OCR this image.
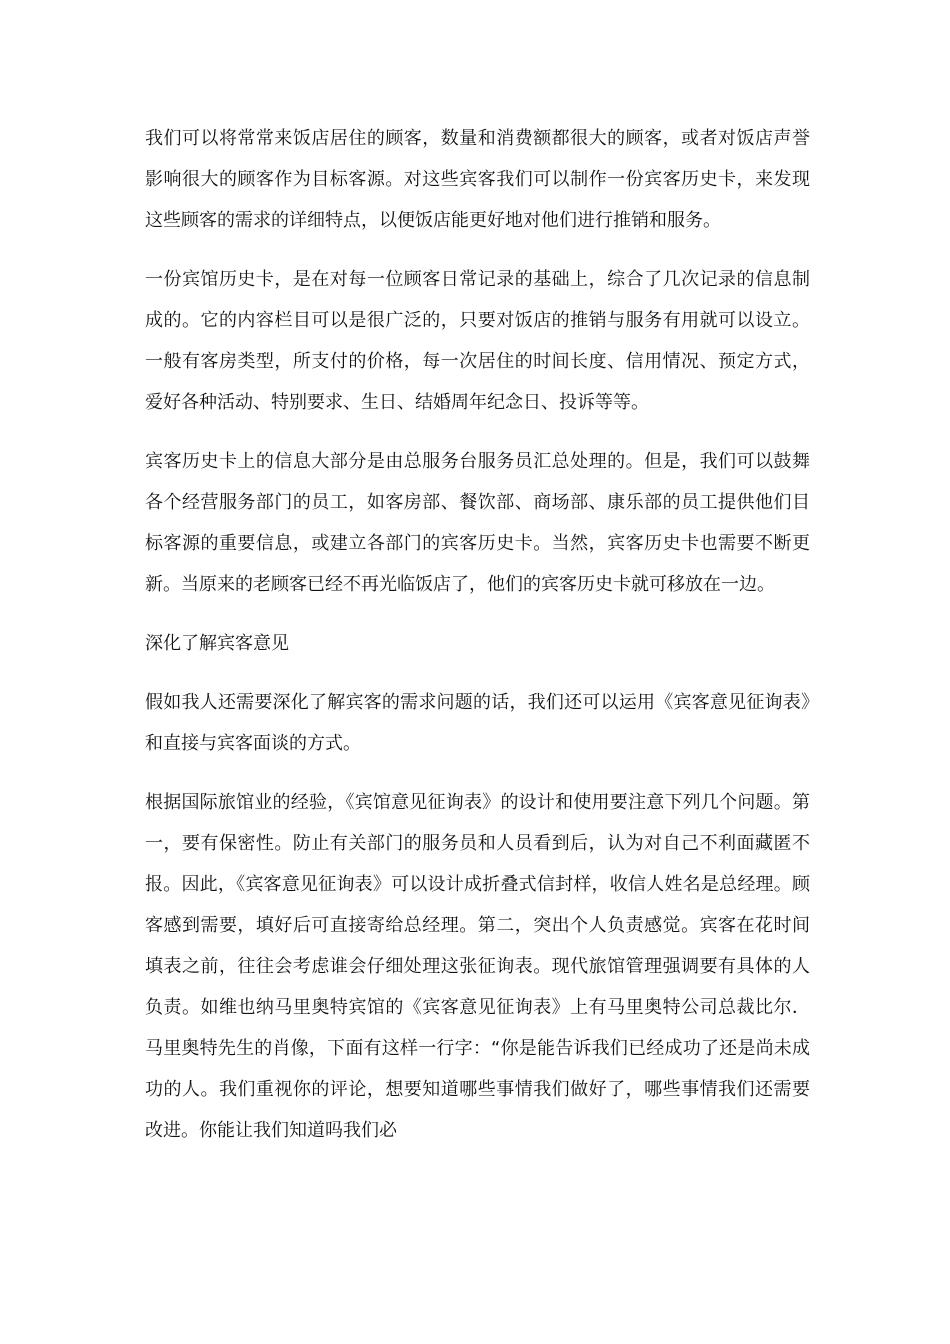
我们可以将常常来饭店居住的顾客，数量和消费额都很大的顾客，或者对饭店声誉影响很大的顾客作为目标客源。对这些宾客我们可以制作一份宾客历史卡，来发现这些顾客的需求的详细特点，以便饭店能更好地对他们进行推销和服务。

一份宾馆历史卡，是在对每一位顾客日常记录的基础上，综合了几次记录的信息制成的。它的内容栏目可以是很广泛的，只要对饭店的推销与服务有用就可以设立。一般有客房类型，所支付的价格，每一次居住的时间长度、信用情况、预定方式，爱好各种活动、特别要求、生日、结婚周年纪念日、投诉等等。

宾客历史卡上的信息大部分是由总服务台服务员汇总处理的。但是，我们可以鼓舞各个经营服务部门的员工，如客房部、餐饮部、商场部、康乐部的员工提供他们目标客源的重要信息，或建立各部门的宾客历史卡。当然，宾客历史卡也需要不断更新。当原来的老顾客已经不再光临饭店了，他们的宾客历史卡就可移放在一边。

深化了解宾客意见

假如我人还需要深化了解宾客的需求问题的话，我们还可以运用《宾客意见征询表》和直接与宾客面谈的方式。

根据国际旅馆业的经验，《宾馆意见征询表》的设计和使用要注意下列几个问题。第一，要有保密性。防止有关部门的服务员和人员看到后，认为对自己不利面藏匿不报。因此，《宾客意见征询表》可以设计成折叠式信封样，收信人姓名是总经理。顾客感到需要，填好后可直接寄给总经理。第二，突出个人负责感觉。宾客在花时间填表之前，往往会考虑谁会仔细处理这张征询表。现代旅馆管理强调要有具体的人负责。如维也纳马里奥特宾馆的《宾客意见征询表》上有马里奥特公司总裁比尔．马里奥特先生的肖像，下面有这样一行字：“你是能告诉我们已经成功了还是尚未成功的人。我们重视你的评论，想要知道哪些事情我们做好了，哪些事情我们还需要改进。你能让我们知道吗我们必
